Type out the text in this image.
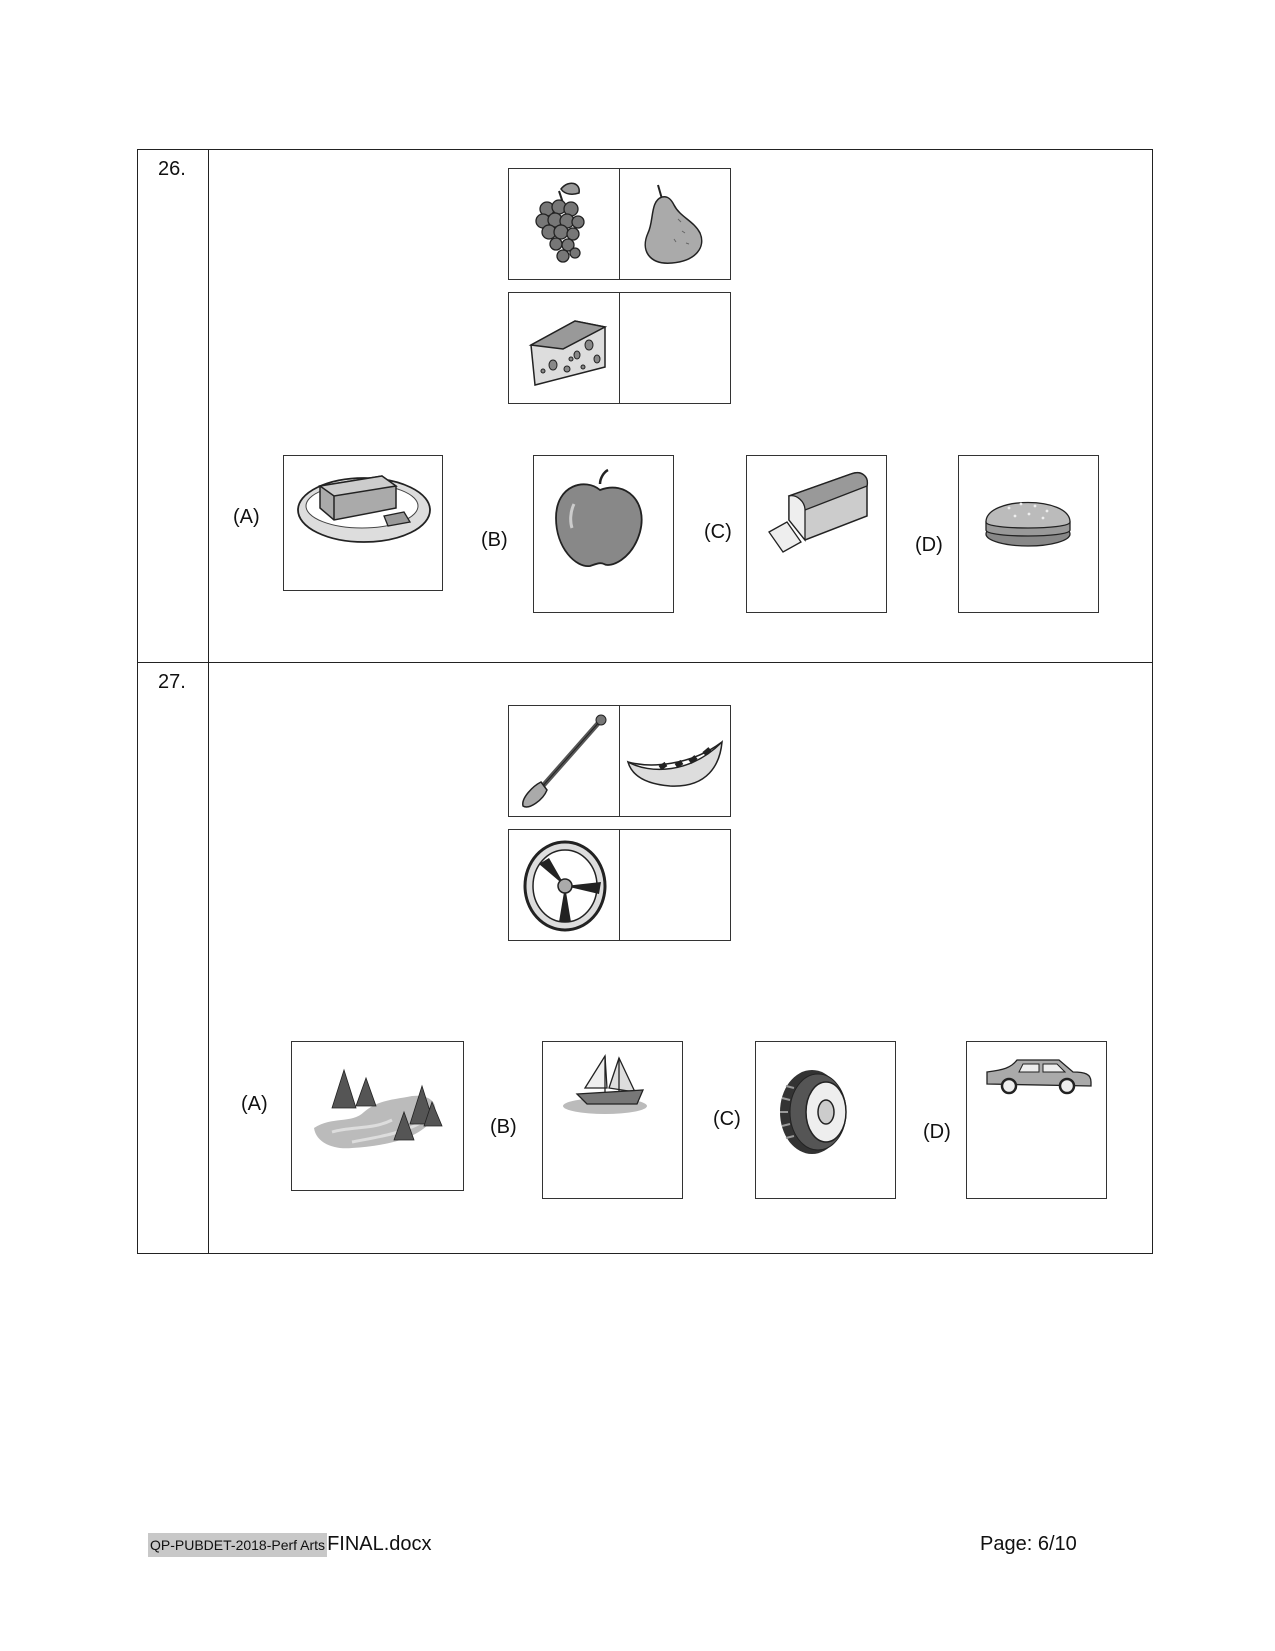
26.
(A)
(B)	(C)
(D)
27.
(A)
(B)	(C)
(D)
QP-PUBDET-2018-Perf Arts FINAL.docx	Page: 6/10
